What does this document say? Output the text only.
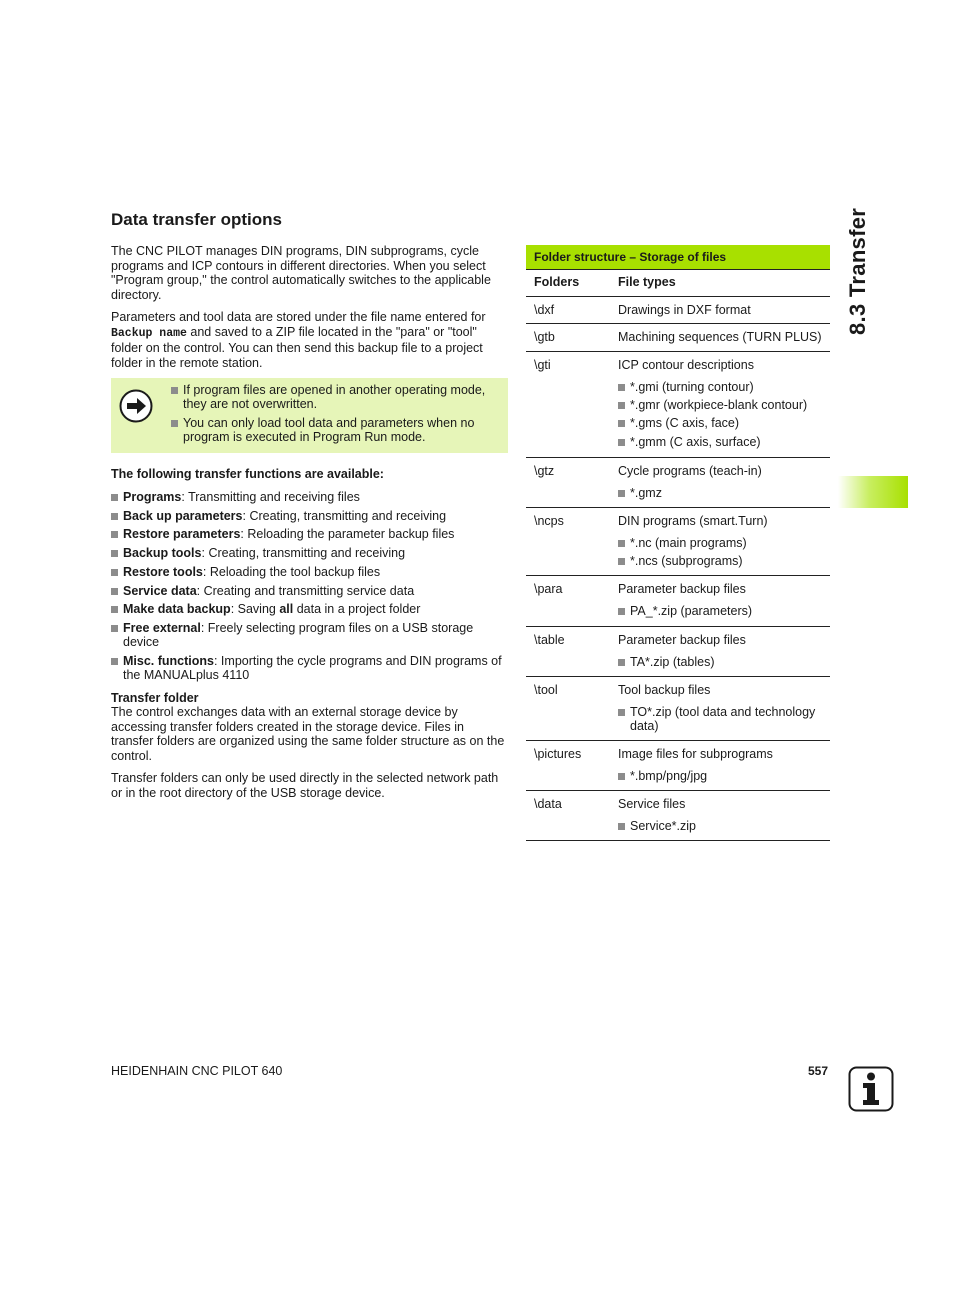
Data transfer options
The CNC PILOT manages DIN programs, DIN subprograms, cycle programs and ICP contours in different directories. When you select "Program group," the control automatically switches to the applicable directory.
Parameters and tool data are stored under the file name entered for Backup name and saved to a ZIP file located in the "para" or "tool" folder on the control. You can then send this backup file to a project folder in the remote station.
If program files are opened in another operating mode, they are not overwritten.
You can only load tool data and parameters when no program is executed in Program Run mode.
The following transfer functions are available:
Programs: Transmitting and receiving files
Back up parameters: Creating, transmitting and receiving
Restore parameters: Reloading the parameter backup files
Backup tools: Creating, transmitting and receiving
Restore tools: Reloading the tool backup files
Service data: Creating and transmitting service data
Make data backup: Saving all data in a project folder
Free external: Freely selecting program files on a USB storage device
Misc. functions: Importing the cycle programs and DIN programs of the MANUALplus 4110
Transfer folder
The control exchanges data with an external storage device by accessing transfer folders created in the storage device. Files in transfer folders are organized using the same folder structure as on the control.
Transfer folders can only be used directly in the selected network path or in the root directory of the USB storage device.
Folder structure – Storage of files
Folders	File types
\dxf	Drawings in DXF format
\gtb	Machining sequences (TURN PLUS)
\gti	ICP contour descriptions
*.gmi (turning contour)
*.gmr (workpiece-blank contour)
*.gms (C axis, face)
*.gmm (C axis, surface)
\gtz	Cycle programs (teach-in)
*.gmz
\ncps	DIN programs (smart.Turn)
*.nc (main programs)
*.ncs (subprograms)
\para	Parameter backup files
PA_*.zip (parameters)
\table	Parameter backup files
TA*.zip (tables)
\tool	Tool backup files
TO*.zip (tool data and technology data)
\pictures	Image files for subprograms
*.bmp/png/jpg
\data	Service files
Service*.zip
8.3 Transfer
HEIDENHAIN CNC PILOT 640	557
